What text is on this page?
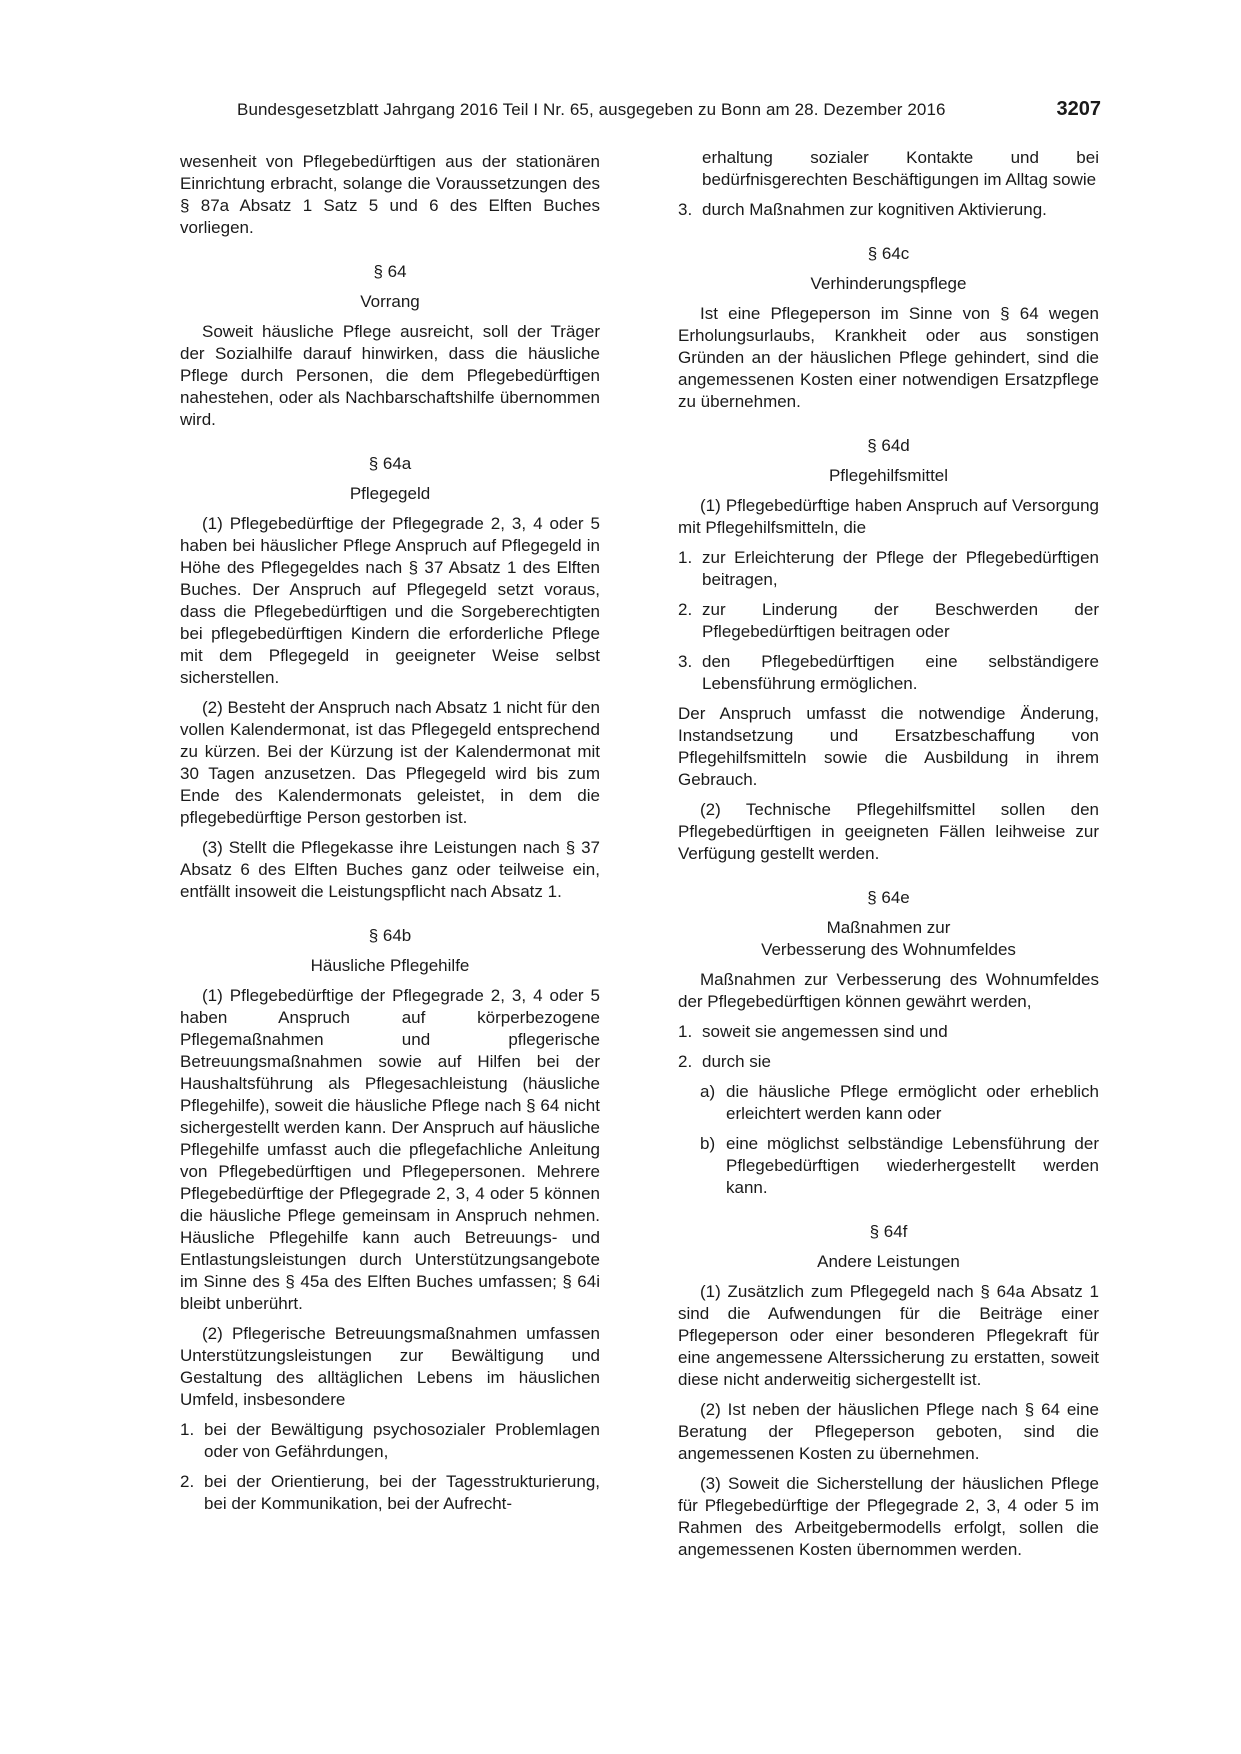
Bundesgesetzblatt Jahrgang 2016 Teil I Nr. 65, ausgegeben zu Bonn am 28. Dezember 2016	3207

wesenheit von Pflegebedürftigen aus der stationären Einrichtung erbracht, solange die Voraussetzungen des § 87a Absatz 1 Satz 5 und 6 des Elften Buches vorliegen.

§ 64
Vorrang

Soweit häusliche Pflege ausreicht, soll der Träger der Sozialhilfe darauf hinwirken, dass die häusliche Pflege durch Personen, die dem Pflegebedürftigen nahestehen, oder als Nachbarschaftshilfe übernommen wird.

§ 64a
Pflegegeld

(1) Pflegebedürftige der Pflegegrade 2, 3, 4 oder 5 haben bei häuslicher Pflege Anspruch auf Pflegegeld in Höhe des Pflegegeldes nach § 37 Absatz 1 des Elften Buches. Der Anspruch auf Pflegegeld setzt voraus, dass die Pflegebedürftigen und die Sorgeberechtigten bei pflegebedürftigen Kindern die erforderliche Pflege mit dem Pflegegeld in geeigneter Weise selbst sicherstellen.

(2) Besteht der Anspruch nach Absatz 1 nicht für den vollen Kalendermonat, ist das Pflegegeld entsprechend zu kürzen. Bei der Kürzung ist der Kalendermonat mit 30 Tagen anzusetzen. Das Pflegegeld wird bis zum Ende des Kalendermonats geleistet, in dem die pflegebedürftige Person gestorben ist.

(3) Stellt die Pflegekasse ihre Leistungen nach § 37 Absatz 6 des Elften Buches ganz oder teilweise ein, entfällt insoweit die Leistungspflicht nach Absatz 1.

§ 64b
Häusliche Pflegehilfe

(1) Pflegebedürftige der Pflegegrade 2, 3, 4 oder 5 haben Anspruch auf körperbezogene Pflegemaßnahmen und pflegerische Betreuungsmaßnahmen sowie auf Hilfen bei der Haushaltsführung als Pflegesachleistung (häusliche Pflegehilfe), soweit die häusliche Pflege nach § 64 nicht sichergestellt werden kann. Der Anspruch auf häusliche Pflegehilfe umfasst auch die pflegefachliche Anleitung von Pflegebedürftigen und Pflegepersonen. Mehrere Pflegebedürftige der Pflegegrade 2, 3, 4 oder 5 können die häusliche Pflege gemeinsam in Anspruch nehmen. Häusliche Pflegehilfe kann auch Betreuungs- und Entlastungsleistungen durch Unterstützungsangebote im Sinne des § 45a des Elften Buches umfassen; § 64i bleibt unberührt.

(2) Pflegerische Betreuungsmaßnahmen umfassen Unterstützungsleistungen zur Bewältigung und Gestaltung des alltäglichen Lebens im häuslichen Umfeld, insbesondere

1. bei der Bewältigung psychosozialer Problemlagen oder von Gefährdungen,
2. bei der Orientierung, bei der Tagesstrukturierung, bei der Kommunikation, bei der Aufrecht-
erhaltung sozialer Kontakte und bei bedürfnisgerechten Beschäftigungen im Alltag sowie
3. durch Maßnahmen zur kognitiven Aktivierung.
§ 64c
Verhinderungspflege

Ist eine Pflegeperson im Sinne von § 64 wegen Erholungsurlaubs, Krankheit oder aus sonstigen Gründen an der häuslichen Pflege gehindert, sind die angemessenen Kosten einer notwendigen Ersatzpflege zu übernehmen.

§ 64d
Pflegehilfsmittel

(1) Pflegebedürftige haben Anspruch auf Versorgung mit Pflegehilfsmitteln, die

1. zur Erleichterung der Pflege der Pflegebedürftigen beitragen,
2. zur Linderung der Beschwerden der Pflegebedürftigen beitragen oder
3. den Pflegebedürftigen eine selbständigere Lebensführung ermöglichen.

Der Anspruch umfasst die notwendige Änderung, Instandsetzung und Ersatzbeschaffung von Pflegehilfsmitteln sowie die Ausbildung in ihrem Gebrauch.

(2) Technische Pflegehilfsmittel sollen den Pflegebedürftigen in geeigneten Fällen leihweise zur Verfügung gestellt werden.

§ 64e
Maßnahmen zur
Verbesserung des Wohnumfeldes

Maßnahmen zur Verbesserung des Wohnumfeldes der Pflegebedürftigen können gewährt werden,

1. soweit sie angemessen sind und
2. durch sie
a) die häusliche Pflege ermöglicht oder erheblich erleichtert werden kann oder
b) eine möglichst selbständige Lebensführung der Pflegebedürftigen wiederhergestellt werden kann.
§ 64f
Andere Leistungen

(1) Zusätzlich zum Pflegegeld nach § 64a Absatz 1 sind die Aufwendungen für die Beiträge einer Pflegeperson oder einer besonderen Pflegekraft für eine angemessene Alterssicherung zu erstatten, soweit diese nicht anderweitig sichergestellt ist.

(2) Ist neben der häuslichen Pflege nach § 64 eine Beratung der Pflegeperson geboten, sind die angemessenen Kosten zu übernehmen.

(3) Soweit die Sicherstellung der häuslichen Pflege für Pflegebedürftige der Pflegegrade 2, 3, 4 oder 5 im Rahmen des Arbeitgebermodells erfolgt, sollen die angemessenen Kosten übernommen werden.
